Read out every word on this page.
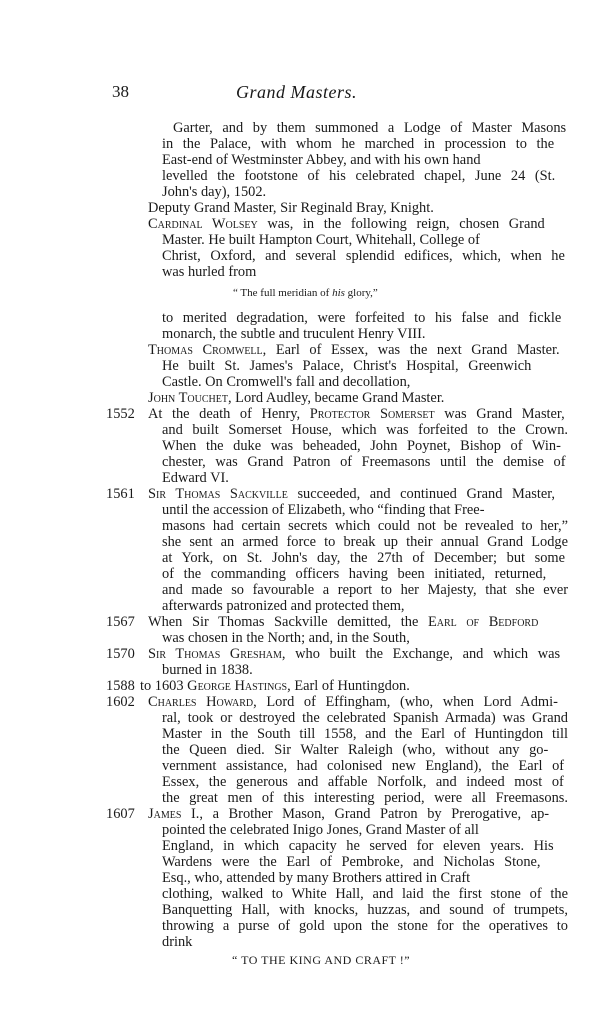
38	Grand Masters.
Garter, and by them summoned a Lodge of Master Masons
in the Palace, with whom he marched in procession to the
East-end of Westminster Abbey, and with his own hand
levelled the footstone of his celebrated chapel, June 24 (St.
John's day), 1502.
Deputy Grand Master, Sir Reginald Bray, Knight.
Cardinal Wolsey was, in the following reign, chosen Grand
Master. He built Hampton Court, Whitehall, College of
Christ, Oxford, and several splendid edifices, which, when he
was hurled from
“ The full meridian of his glory,”
to merited degradation, were forfeited to his false and fickle
monarch, the subtle and truculent Henry VIII.
Thomas Cromwell, Earl of Essex, was the next Grand Master.
He built St. James's Palace, Christ's Hospital, Greenwich
Castle. On Cromwell's fall and decollation,
John Touchet, Lord Audley, became Grand Master.
1552 At the death of Henry, Protector Somerset was Grand Master,
and built Somerset House, which was forfeited to the Crown.
When the duke was beheaded, John Poynet, Bishop of Win-
chester, was Grand Patron of Freemasons until the demise of
Edward VI.
1561 Sir Thomas Sackville succeeded, and continued Grand Master,
until the accession of Elizabeth, who “finding that Free-
masons had certain secrets which could not be revealed to her,”
she sent an armed force to break up their annual Grand Lodge
at York, on St. John's day, the 27th of December; but some
of the commanding officers having been initiated, returned,
and made so favourable a report to her Majesty, that she ever
afterwards patronized and protected them,
1567 When Sir Thomas Sackville demitted, the Earl of Bedford
was chosen in the North; and, in the South,
1570 Sir Thomas Gresham, who built the Exchange, and which was
burned in 1838.
1588 to 1603 George Hastings, Earl of Huntingdon.
1602 Charles Howard, Lord of Effingham, (who, when Lord Admi-
ral, took or destroyed the celebrated Spanish Armada) was Grand
Master in the South till 1558, and the Earl of Huntingdon till
the Queen died. Sir Walter Raleigh (who, without any go-
vernment assistance, had colonised new England), the Earl of
Essex, the generous and affable Norfolk, and indeed most of
the great men of this interesting period, were all Freemasons.
1607 James I., a Brother Mason, Grand Patron by Prerogative, ap-
pointed the celebrated Inigo Jones, Grand Master of all
England, in which capacity he served for eleven years. His
Wardens were the Earl of Pembroke, and Nicholas Stone,
Esq., who, attended by many Brothers attired in Craft
clothing, walked to White Hall, and laid the first stone of the
Banquetting Hall, with knocks, huzzas, and sound of trumpets,
throwing a purse of gold upon the stone for the operatives to
drink
“ TO THE KING AND CRAFT !”
